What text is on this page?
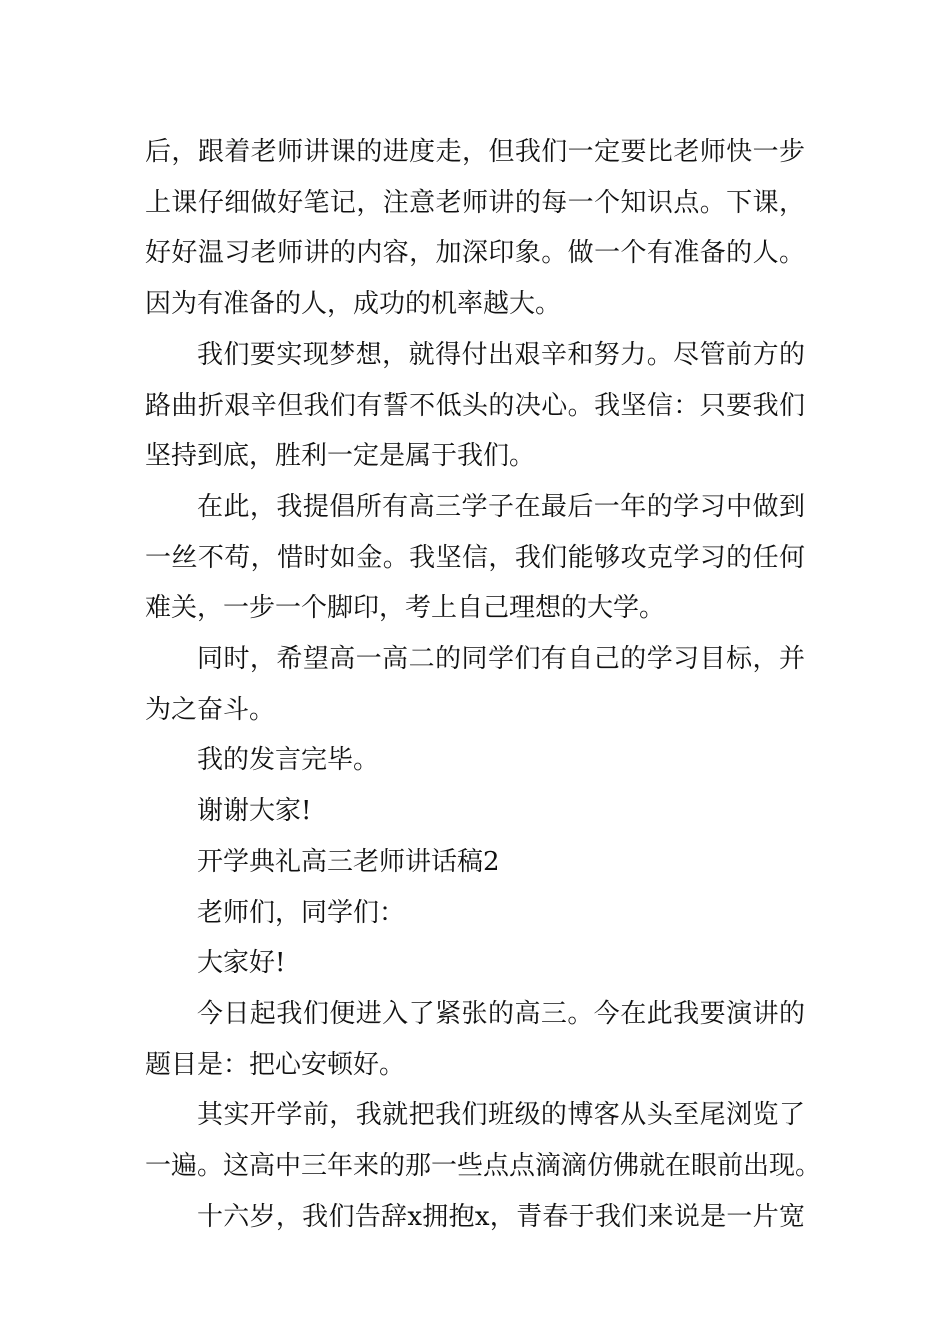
后，跟着老师讲课的进度走，但我们一定要比老师快一步
上课仔细做好笔记，注意老师讲的每一个知识点。下课，
好好温习老师讲的内容，加深印象。做一个有准备的人。
因为有准备的人，成功的机率越大。

我们要实现梦想，就得付出艰辛和努力。尽管前方的
路曲折艰辛但我们有誓不低头的决心。我坚信：只要我们
坚持到底，胜利一定是属于我们。

在此，我提倡所有高三学子在最后一年的学习中做到
一丝不苟，惜时如金。我坚信，我们能够攻克学习的任何
难关，一步一个脚印，考上自己理想的大学。

同时，希望高一高二的同学们有自己的学习目标，并
为之奋斗。

我的发言完毕。

谢谢大家!

开学典礼高三老师讲话稿2

老师们，同学们：

大家好!

今日起我们便进入了紧张的高三。今在此我要演讲的
题目是：把心安顿好。

其实开学前，我就把我们班级的博客从头至尾浏览了
一遍。这高中三年来的那一些点点滴滴仿佛就在眼前出现。

十六岁，我们告辞x拥抱x，青春于我们来说是一片宽
